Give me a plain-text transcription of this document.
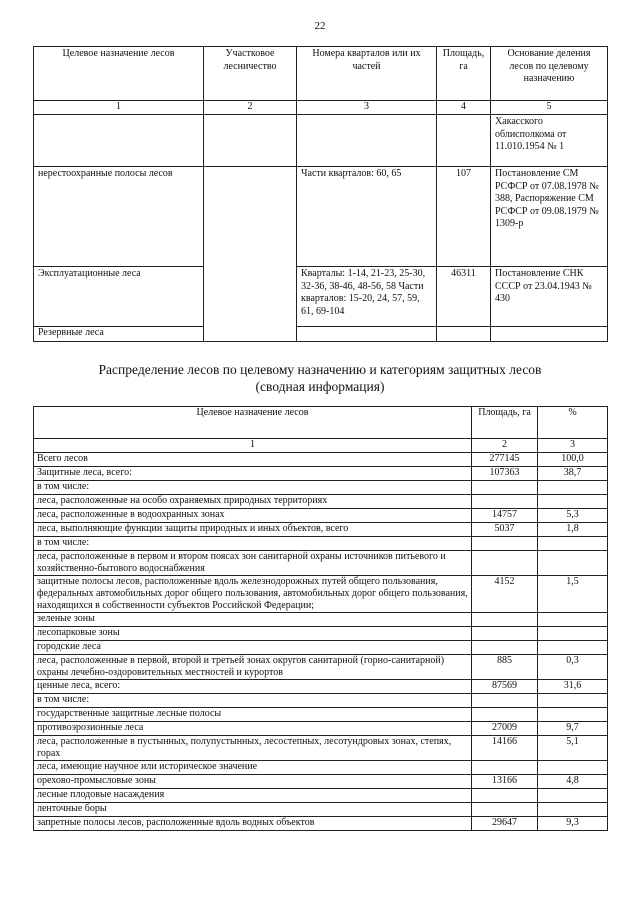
22
Целевое назначение лесов	Участковое лесничество	Номера кварталов или их частей	Площадь, га	Основание деления лесов по целевому назначению
1	2	3	4	5
				Хакасского облисполкома от 11.010.1954 № 1
нерестоохранные полосы лесов		Части кварталов: 60, 65	107	Постановление СМ РСФСР от 07.08.1978 № 388, Распоряжение СМ РСФСР от 09.08.1979 № 1309-р
Эксплуатационные леса		Кварталы: 1-14, 21-23, 25-30, 32-36, 38-46, 48-56, 58 Части кварталов: 15-20, 24, 57, 59, 61, 69-104	46311	Постановление СНК СССР от 23.04.1943 № 430
Резервные леса				
Распределение лесов по целевому назначению и категориям защитных лесов
(сводная информация)
Целевое назначение лесов	Площадь, га	%
1	2	3
Всего лесов	277145	100,0
Защитные леса, всего:	107363	38,7
в том числе:		
леса, расположенные на особо охраняемых природных территориях		
леса, расположенные в водоохранных зонах	14757	5,3
леса, выполняющие функции защиты природных и иных объектов, всего	5037	1,8
в том числе:		
леса, расположенные в первом и втором поясах зон санитарной охраны источников питьевого и хозяйственно-бытового водоснабжения		
защитные полосы лесов, расположенные вдоль железнодорожных путей общего пользования, федеральных автомобильных дорог общего пользования, автомобильных дорог общего пользования, находящихся в собственности субъектов Российской Федерации;	4152	1,5
зеленые зоны		
лесопарковые зоны		
городские леса		
леса, расположенные в первой, второй и третьей зонах округов санитарной (горно-санитарной) охраны лечебно-оздоровительных местностей и курортов	885	0,3
ценные леса, всего:	87569	31,6
в том числе:		
государственные защитные лесные полосы		
противоэрозионные леса	27009	9,7
леса, расположенные в пустынных, полупустынных, лесостепных, лесотундровых зонах, степях, горах	14166	5,1
леса, имеющие научное или историческое значение		
орехово-промысловые зоны	13166	4,8
лесные плодовые насаждения		
ленточные боры		
запретные полосы лесов, расположенные вдоль водных объектов	29647	9,3
